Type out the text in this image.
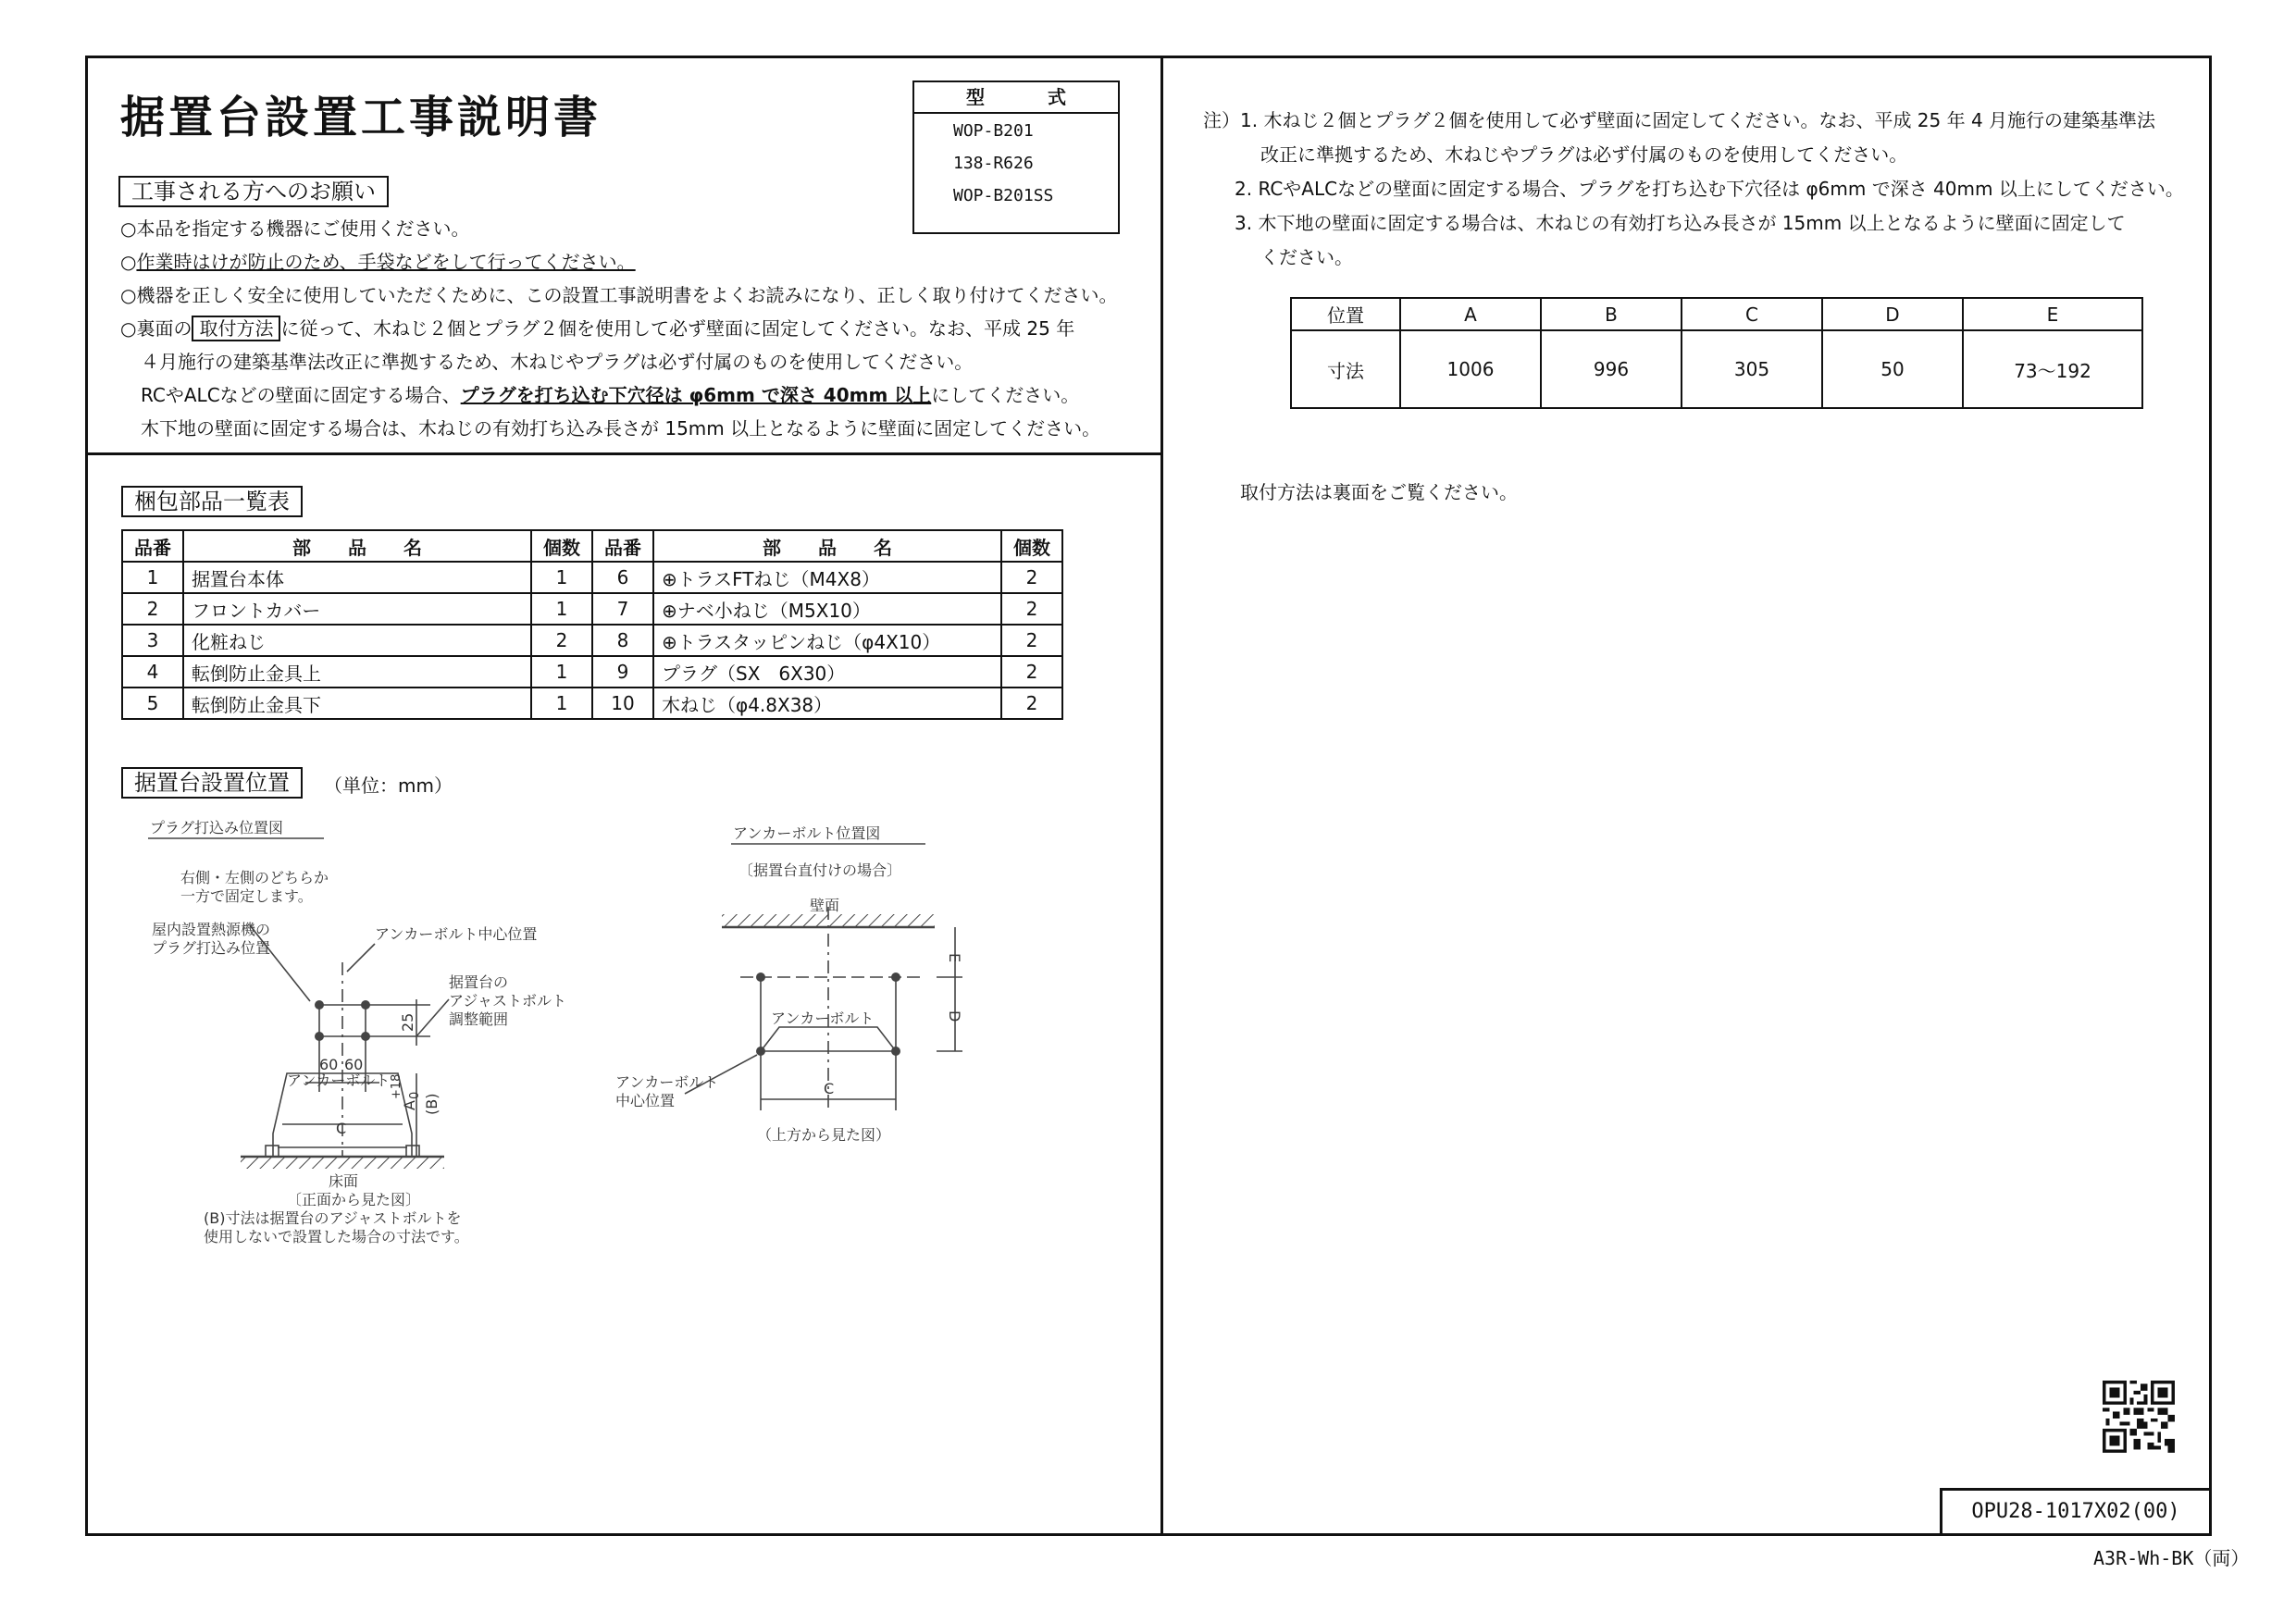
据置台設置工事説明書	型　式
WOP-B201
138-R626
WOP-B201SS
工事される方へのお願い
○本品を指定する機器にご使用ください。
○作業時はけが防止のため、手袋などをして行ってください。
○機器を正しく安全に使用していただくために、この設置工事説明書をよくお読みになり、正しく取り付けてください。
○裏面の 取付方法 に従って、木ねじ２個とプラグ２個を使用して必ず壁面に固定してください。なお、平成 25 年
４月施行の建築基準法改正に準拠するため、木ねじやプラグは必ず付属のものを使用してください。
RCやALCなどの壁面に固定する場合、プラグを打ち込む下穴径は φ6mm で深さ 40mm 以上にしてください。
木下地の壁面に固定する場合は、木ねじの有効打ち込み長さが 15mm 以上となるように壁面に固定してください。
梱包部品一覧表
品番	部　　品　　名	個数	品番	部　　品　　名	個数
1	据置台本体	1	6	⊕トラスFTねじ（M4X8）	2
2	フロントカバー	1	7	⊕ナベ小ねじ（M5X10）	2
3	化粧ねじ	2	8	⊕トラスタッピンねじ（φ4X10）	2
4	転倒防止金具上	1	9	プラグ（SX　6X30）	2
5	転倒防止金具下	1	10	木ねじ（φ4.8X38）	2
据置台設置位置	（単位：mm）
プラグ打込み位置図
右側・左側のどちらか
一方で固定します。
屋内設置熱源機の
プラグ打込み位置
アンカーボルト中心位置
据置台の
アジャストボルト
調整範囲
25
60 60
A
+18 0 (B)
アンカーボルト
C
床面
〔正面から見た図〕
(B)寸法は据置台のアジャストボルトを
使用しないで設置した場合の寸法です。
アンカーボルト位置図
〔据置台直付けの場合〕
壁面
E
D
アンカーボルト
アンカーボルト
中心位置
C
（上方から見た図）
注）1. 木ねじ２個とプラグ２個を使用して必ず壁面に固定してください。なお、平成 25 年 4 月施行の建築基準法
改正に準拠するため、木ねじやプラグは必ず付属のものを使用してください。
2. RCやALCなどの壁面に固定する場合、プラグを打ち込む下穴径は φ6mm で深さ 40mm 以上にしてください。
3. 木下地の壁面に固定する場合は、木ねじの有効打ち込み長さが 15mm 以上となるように壁面に固定して
ください。
位置	A	B	C	D	E
寸法	1006	996	305	50	73〜192
取付方法は裏面をご覧ください。
OPU28-1017X02(00)
A3R-Wh-BK（両）
